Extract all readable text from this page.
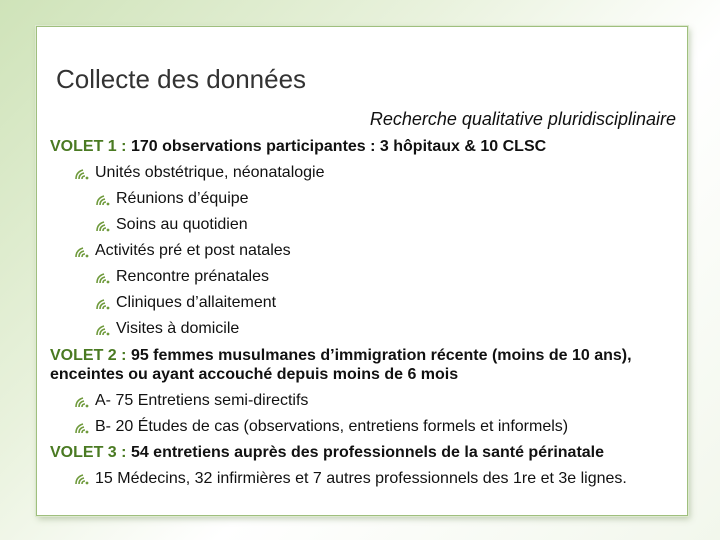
Collecte des données
Recherche qualitative pluridisciplinaire
VOLET 1 : 170 observations participantes : 3 hôpitaux & 10 CLSC
Unités obstétrique, néonatalogie
Réunions d’équipe
Soins au quotidien
Activités pré et post natales
Rencontre prénatales
Cliniques d’allaitement
Visites à domicile
VOLET 2 : 95 femmes musulmanes d’immigration récente (moins de 10 ans), enceintes ou ayant accouché depuis moins de 6 mois
A- 75 Entretiens semi-directifs
B- 20 Études de cas (observations, entretiens formels et informels)
VOLET 3 : 54 entretiens auprès des professionnels de la santé périnatale
15 Médecins, 32 infirmières et 7 autres professionnels des 1re et 3e lignes.
